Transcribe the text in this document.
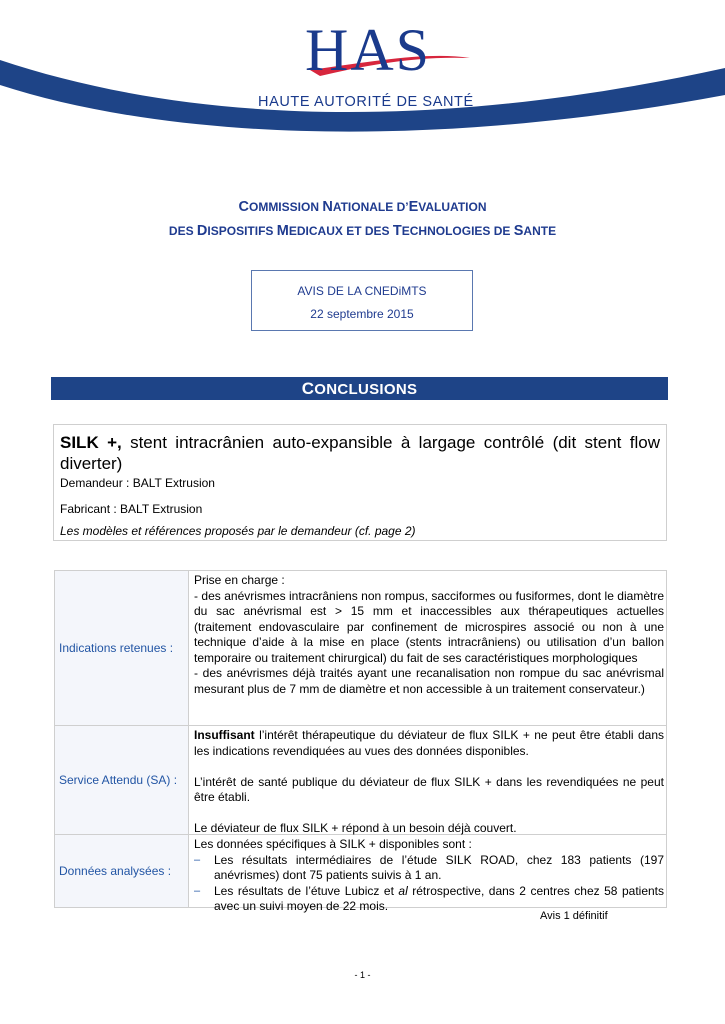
HAS
HAUTE AUTORITÉ DE SANTÉ
COMMISSION NATIONALE D’EVALUATION
DES DISPOSITIFS MEDICAUX ET DES TECHNOLOGIES DE SANTE
AVIS DE LA CNEDiMTS
22 septembre 2015
CONCLUSIONS
SILK +, stent intracrânien auto-expansible à largage contrôlé (dit stent flow diverter)
Demandeur : BALT Extrusion
Fabricant : BALT Extrusion
Les modèles et références proposés par le demandeur (cf. page 2)
Indications retenues :

Prise en charge :

- des anévrismes intracrâniens non rompus, sacciformes ou fusiformes, dont le diamètre du sac anévrismal est > 15 mm et inaccessibles aux thérapeutiques actuelles (traitement endovasculaire par confinement de microspires associé ou non à une technique d’aide à la mise en place (stents intracrâniens) ou utilisation d’un ballon temporaire ou traitement chirurgical) du fait de ses caractéristiques morphologiques

- des anévrismes déjà traités ayant une recanalisation non rompue du sac anévrismal mesurant plus de 7 mm de diamètre et non accessible à un traitement conservateur.)

Service Attendu (SA) :

Insuffisant l’intérêt thérapeutique du déviateur de flux SILK + ne peut être établi dans les indications revendiquées au vues des données disponibles.

L’intérêt de santé publique du déviateur de flux SILK + dans les revendiquées ne peut être établi.

Le déviateur de flux SILK + répond à un besoin déjà couvert.

Données analysées :

Les données spécifiques à SILK + disponibles sont :

– Les résultats intermédiaires de l’étude SILK ROAD, chez 183 patients (197 anévrismes) dont 75 patients suivis à 1 an.
– Les résultats de l’étuve Lubicz et al rétrospective, dans 2 centres chez 58 patients avec un suivi moyen de 22 mois.
Avis 1 définitif
- 1 -
